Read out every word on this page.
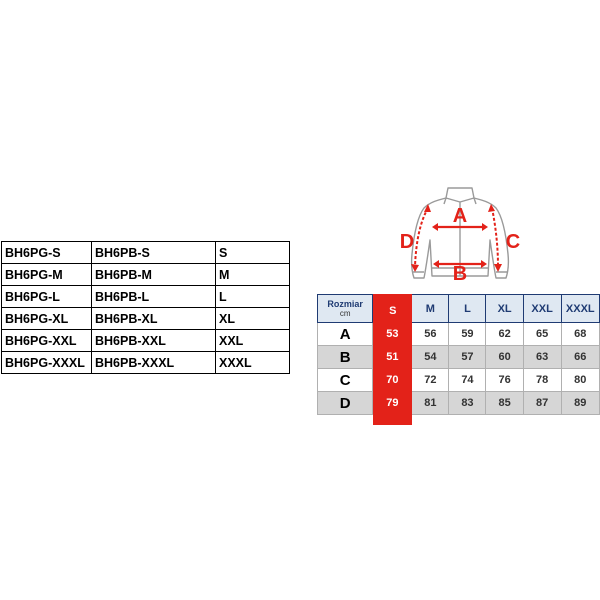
BH6PG-S	BH6PB-S	S
BH6PG-M	BH6PB-M	M
BH6PG-L	BH6PB-L	L
BH6PG-XL	BH6PB-XL	XL
BH6PG-XXL	BH6PB-XXL	XXL
BH6PG-XXXL	BH6PB-XXXL	XXXL
A
B
D	C
Rozmiar
cm	S	M	L	XL	XXL	XXXL
A	53	56	59	62	65	68
B	51	54	57	60	63	66
C	70	72	74	76	78	80
D	79	81	83	85	87	89
